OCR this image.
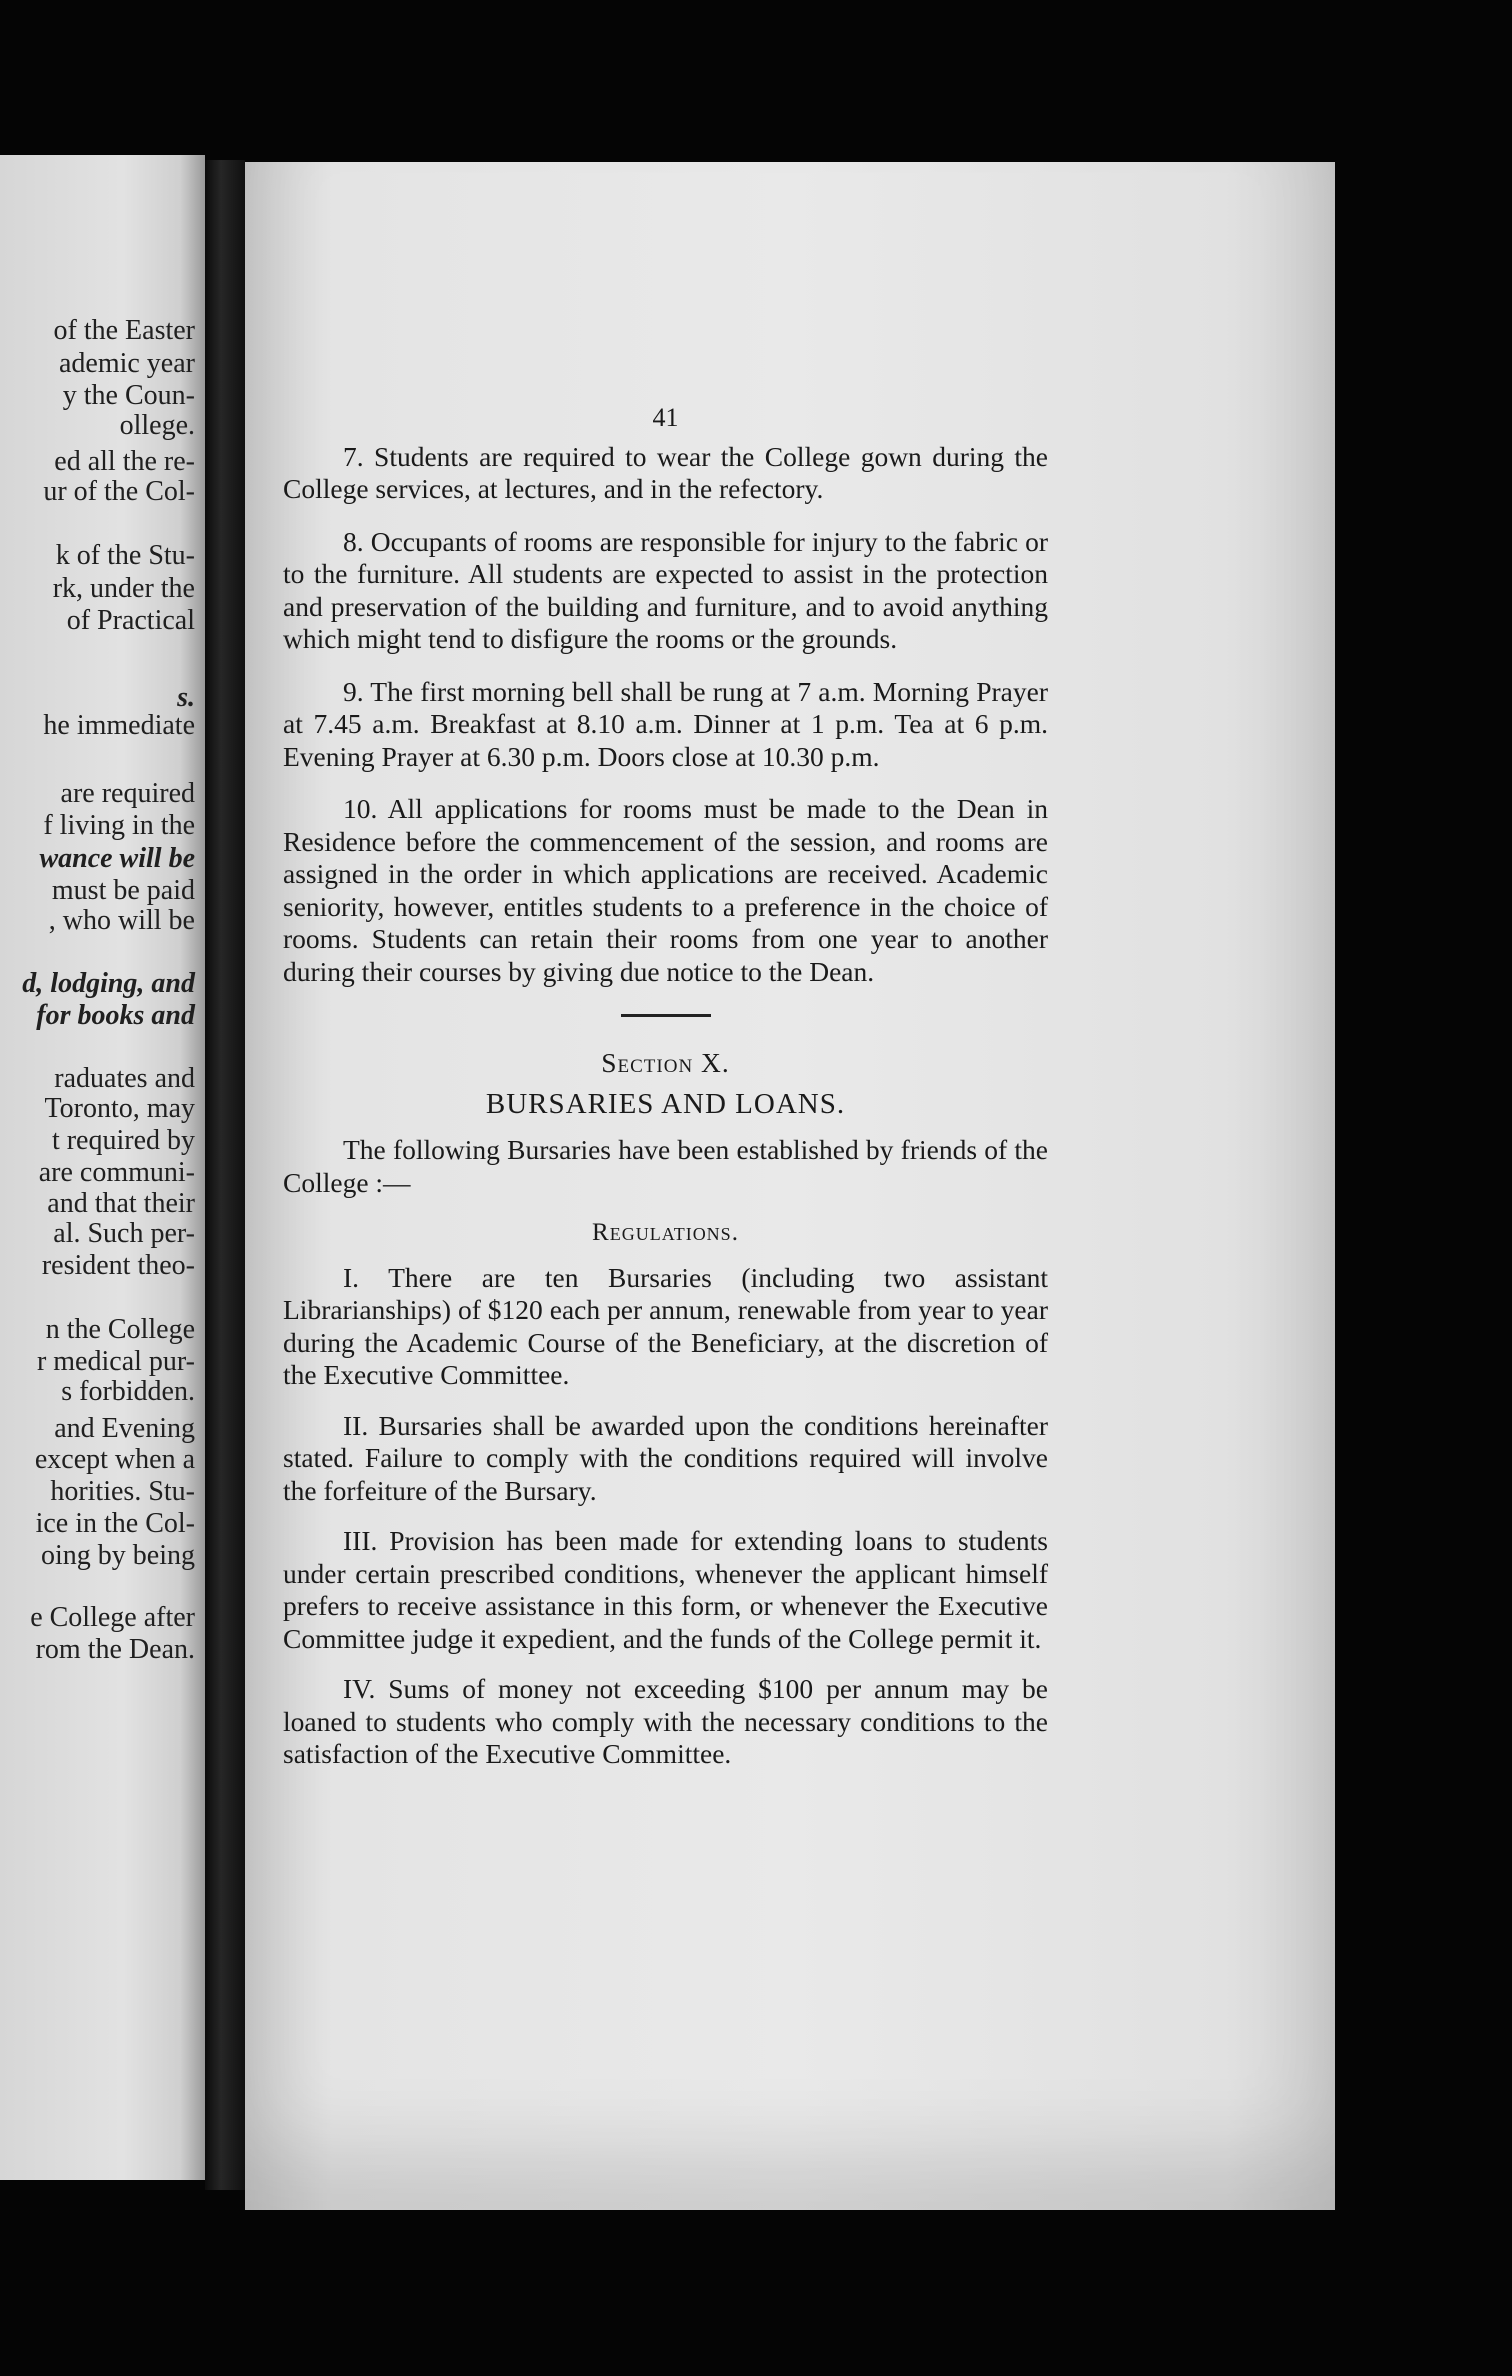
of the Easter
ademic year
y the Coun-
ollege.
ed all the re-
ur of the Col-
k of the Stu-
rk, under the
of Practical
s.
he immediate
are required
f living in the
wance will be
must be paid
, who will be
d, lodging, and
for books and
raduates and
Toronto, may
t required by
are communi-
and that their
al. Such per-
resident theo-
n the College
r medical pur-
s forbidden.
and Evening
except when a
horities. Stu-
ice in the Col-
oing by being
e College after
rom the Dean.
41

7. Students are required to wear the College gown during the College services, at lectures, and in the refectory.

8. Occupants of rooms are responsible for injury to the fabric or to the furniture. All students are expected to assist in the protection and preservation of the building and furniture, and to avoid anything which might tend to disfigure the rooms or the grounds.

9. The first morning bell shall be rung at 7 a.m. Morning Prayer at 7.45 a.m. Breakfast at 8.10 a.m. Dinner at 1 p.m. Tea at 6 p.m. Evening Prayer at 6.30 p.m. Doors close at 10.30 p.m.

10. All applications for rooms must be made to the Dean in Residence before the commencement of the session, and rooms are assigned in the order in which applications are received. Academic seniority, however, entitles students to a preference in the choice of rooms. Students can retain their rooms from one year to another during their courses by giving due notice to the Dean.

Section X.
BURSARIES AND LOANS.

The following Bursaries have been established by friends of the College :—

Regulations.

I. There are ten Bursaries (including two assistant Librarianships) of $120 each per annum, renewable from year to year during the Academic Course of the Beneficiary, at the discretion of the Executive Committee.

II. Bursaries shall be awarded upon the conditions hereinafter stated. Failure to comply with the conditions required will involve the forfeiture of the Bursary.

III. Provision has been made for extending loans to students under certain prescribed conditions, whenever the applicant himself prefers to receive assistance in this form, or whenever the Executive Committee judge it expedient, and the funds of the College permit it.

IV. Sums of money not exceeding $100 per annum may be loaned to students who comply with the necessary conditions to the satisfaction of the Executive Committee.
